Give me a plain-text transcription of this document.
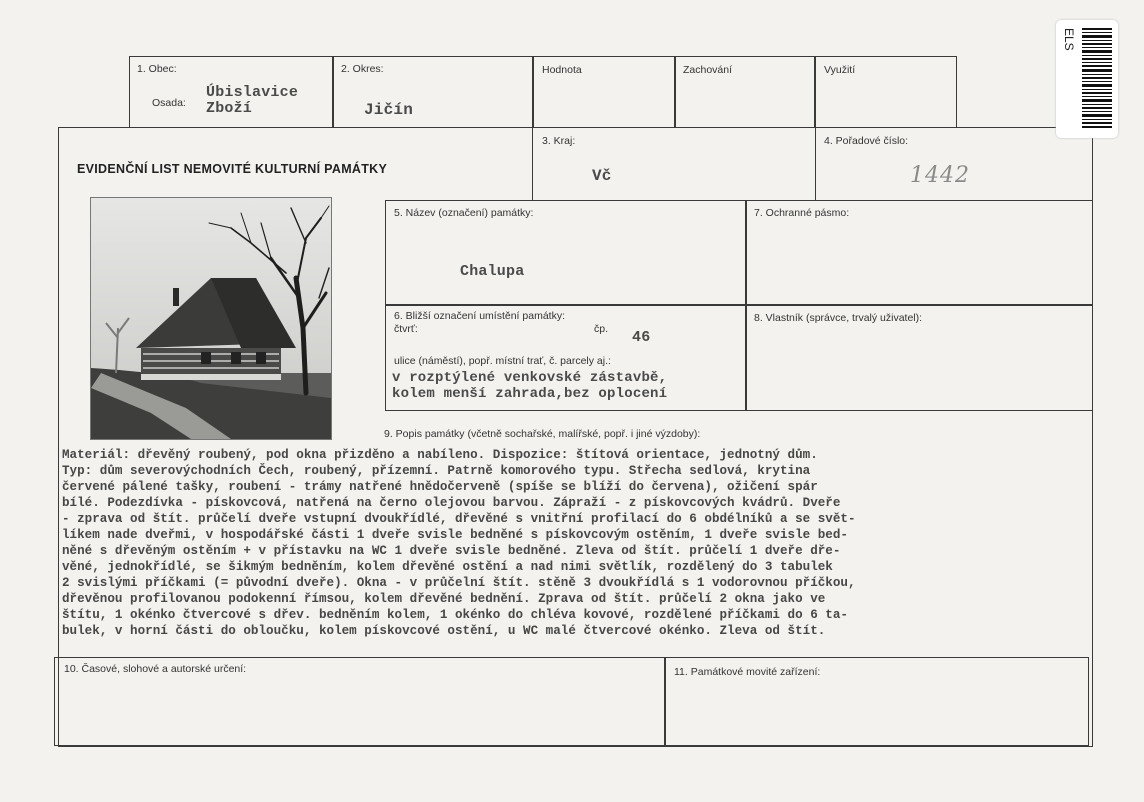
1. Obec:
Osada:
Úbislavice
Zboží
2. Okres:
Jičín
Hodnota	Zachování	Využití
EVIDENČNÍ LIST NEMOVITÉ KULTURNÍ PAMÁTKY
3. Kraj:
Vč
4. Pořadové číslo:
1442
5. Název (označení) památky:
Chalupa
7. Ochranné pásmo:
6. Bližší označení umístění památky:
čtvrť:	čp. 46
ulice (náměstí), popř. místní trať, č. parcely aj.:
v rozptýlené venkovské zástavbě,
kolem menší zahrada,bez oplocení
8. Vlastník (správce, trvalý uživatel):
9. Popis památky (včetně sochařské, malířské, popř. i jiné výzdoby):
Materiál: dřevěný roubený, pod okna přizděno a nabíleno. Dispozice: štítová orientace, jednotný dům.
Typ: dům severovýchodních Čech, roubený, přízemní. Patrně komorového typu. Střecha sedlová, krytina
červené pálené tašky, roubení - trámy natřené hnědočerveně (spíše se blíží do červena), ožičení spár
bílé. Podezdívka - pískovcová, natřená na černo olejovou barvou. Zápraží - z pískovcových kvádrů. Dveře
- zprava od štít. průčelí dveře vstupní dvoukřídlé, dřevěné s vnitřní profilací do 6 obdélníků a se svět-
líkem nade dveřmi, v hospodářské části 1 dveře svisle bedněné s pískovcovým ostěním, 1 dveře svisle bed-
něné s dřevěným ostěním + v přístavku na WC 1 dveře svisle bedněné. Zleva od štít. průčelí 1 dveře dře-
věné, jednokřídlé, se šikmým bedněním, kolem dřevěné ostění a nad nimi světlík, rozdělený do 3 tabulek
2 svislými příčkami (= původní dveře). Okna - v průčelní štít. stěně 3 dvoukřídlá s 1 vodorovnou příčkou,
dřevěnou profilovanou podokenní římsou, kolem dřevěné bednění. Zprava od štít. průčelí 2 okna jako ve
štítu, 1 okénko čtvercové s dřev. bedněním kolem, 1 okénko do chléva kovové, rozdělené příčkami do 6 ta-
bulek, v horní části do obloučku, kolem pískovcové ostění, u WC malé čtvercové okénko. Zleva od štít.
10. Časové, slohové a autorské určení:	11. Památkové movité zařízení:
ELS
